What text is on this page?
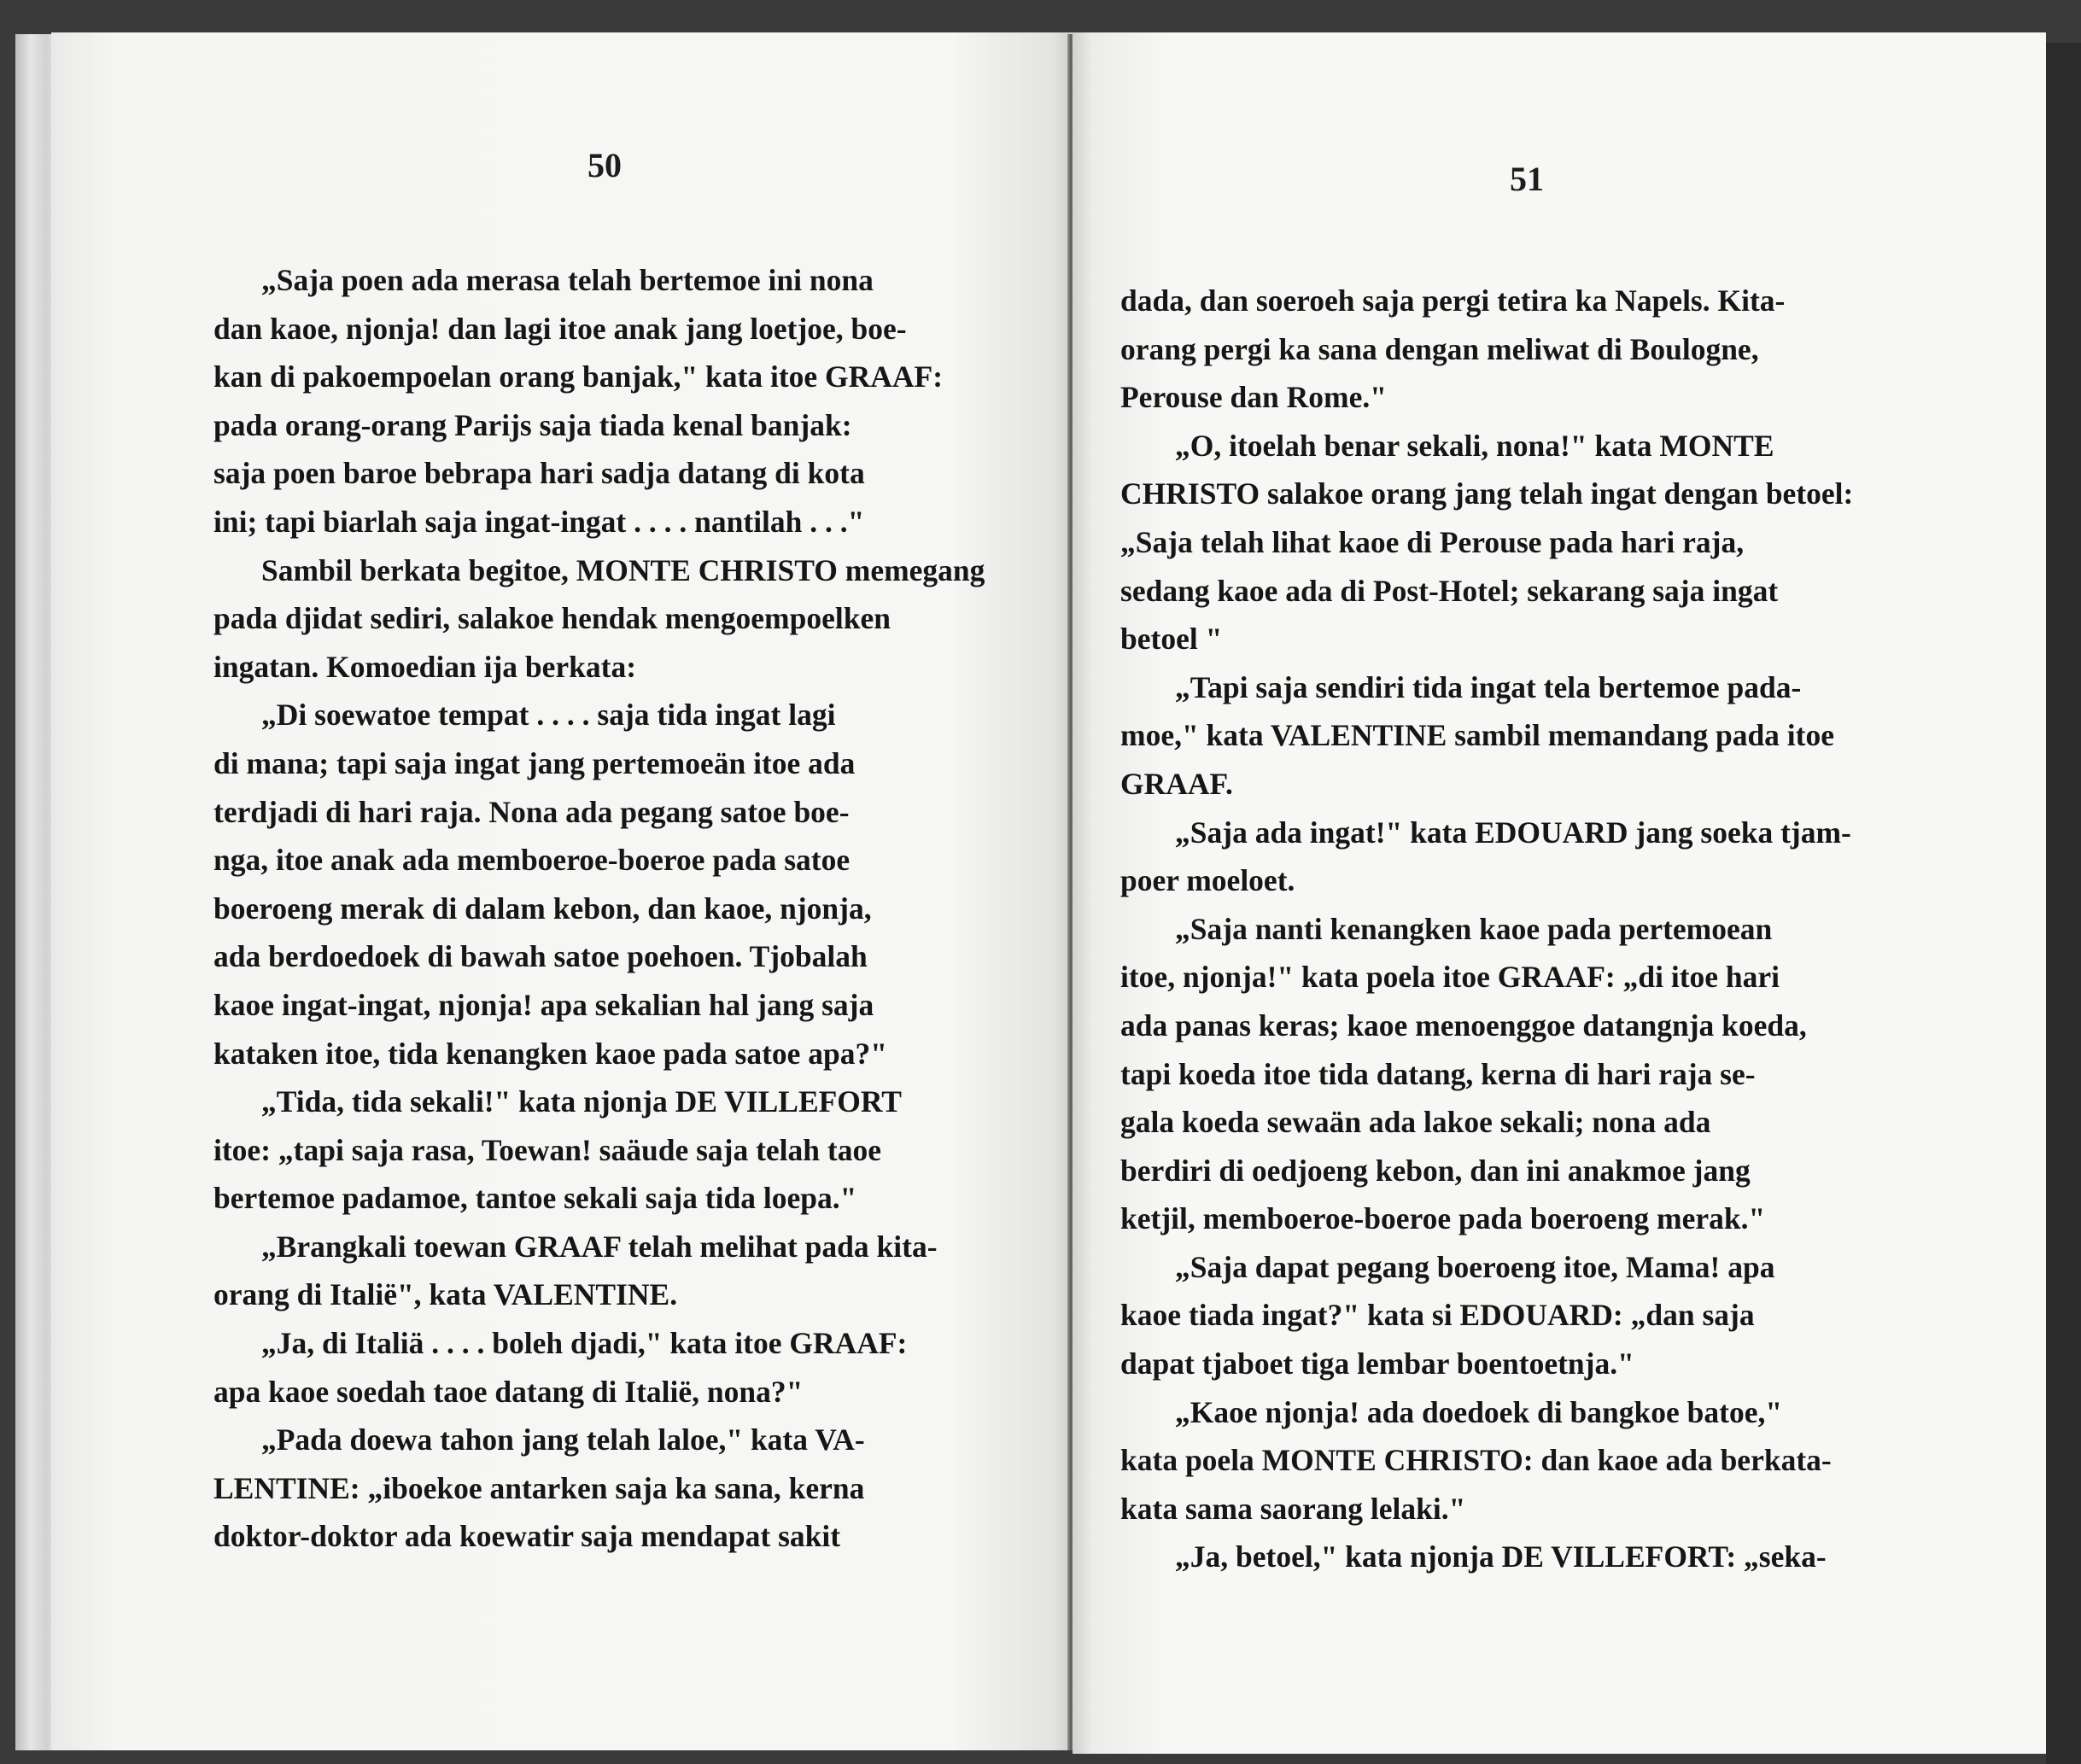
50
„Saja poen ada merasa telah bertemoe ini nona
dan kaoe, njonja! dan lagi itoe anak jang loetjoe, boe-
kan di pakoempoelan orang banjak," kata itoe GRAAF:
pada orang-orang Parijs saja tiada kenal banjak:
saja poen baroe bebrapa hari sadja datang di kota
ini; tapi biarlah saja ingat-ingat . . . . nantilah . . ."
Sambil berkata begitoe, MONTE CHRISTO memegang
pada djidat sediri, salakoe hendak mengoempoelken
ingatan. Komoedian ija berkata:
„Di soewatoe tempat . . . . saja tida ingat lagi
di mana; tapi saja ingat jang pertemoeän itoe ada
terdjadi di hari raja. Nona ada pegang satoe boe-
nga, itoe anak ada memboeroe-boeroe pada satoe
boeroeng merak di dalam kebon, dan kaoe, njonja,
ada berdoedoek di bawah satoe poehoen. Tjobalah
kaoe ingat-ingat, njonja! apa sekalian hal jang saja
kataken itoe, tida kenangken kaoe pada satoe apa?"
„Tida, tida sekali!" kata njonja DE VILLEFORT
itoe: „tapi saja rasa, Toewan! saäude saja telah taoe
bertemoe padamoe, tantoe sekali saja tida loepa."
„Brangkali toewan GRAAF telah melihat pada kita-
orang di Italië", kata VALENTINE.
„Ja, di Italiä . . . . boleh djadi," kata itoe GRAAF:
apa kaoe soedah taoe datang di Italië, nona?"
„Pada doewa tahon jang telah laloe," kata VA-
LENTINE: „iboekoe antarken saja ka sana, kerna
doktor-doktor ada koewatir saja mendapat sakit
51
dada, dan soeroeh saja pergi tetira ka Napels. Kita-
orang pergi ka sana dengan meliwat di Boulogne,
Perouse dan Rome."
„O, itoelah benar sekali, nona!" kata MONTE
CHRISTO salakoe orang jang telah ingat dengan betoel:
„Saja telah lihat kaoe di Perouse pada hari raja,
sedang kaoe ada di Post-Hotel; sekarang saja ingat
betoel "
„Tapi saja sendiri tida ingat tela bertemoe pada-
moe," kata VALENTINE sambil memandang pada itoe
GRAAF.
„Saja ada ingat!" kata EDOUARD jang soeka tjam-
poer moeloet.
„Saja nanti kenangken kaoe pada pertemoean
itoe, njonja!" kata poela itoe GRAAF: „di itoe hari
ada panas keras; kaoe menoenggoe datangnja koeda,
tapi koeda itoe tida datang, kerna di hari raja se-
gala koeda sewaän ada lakoe sekali; nona ada
berdiri di oedjoeng kebon, dan ini anakmoe jang
ketjil, memboeroe-boeroe pada boeroeng merak."
„Saja dapat pegang boeroeng itoe, Mama! apa
kaoe tiada ingat?" kata si EDOUARD: „dan saja
dapat tjaboet tiga lembar boentoetnja."
„Kaoe njonja! ada doedoek di bangkoe batoe,"
kata poela MONTE CHRISTO: dan kaoe ada berkata-
kata sama saorang lelaki."
„Ja, betoel," kata njonja DE VILLEFORT: „seka-
